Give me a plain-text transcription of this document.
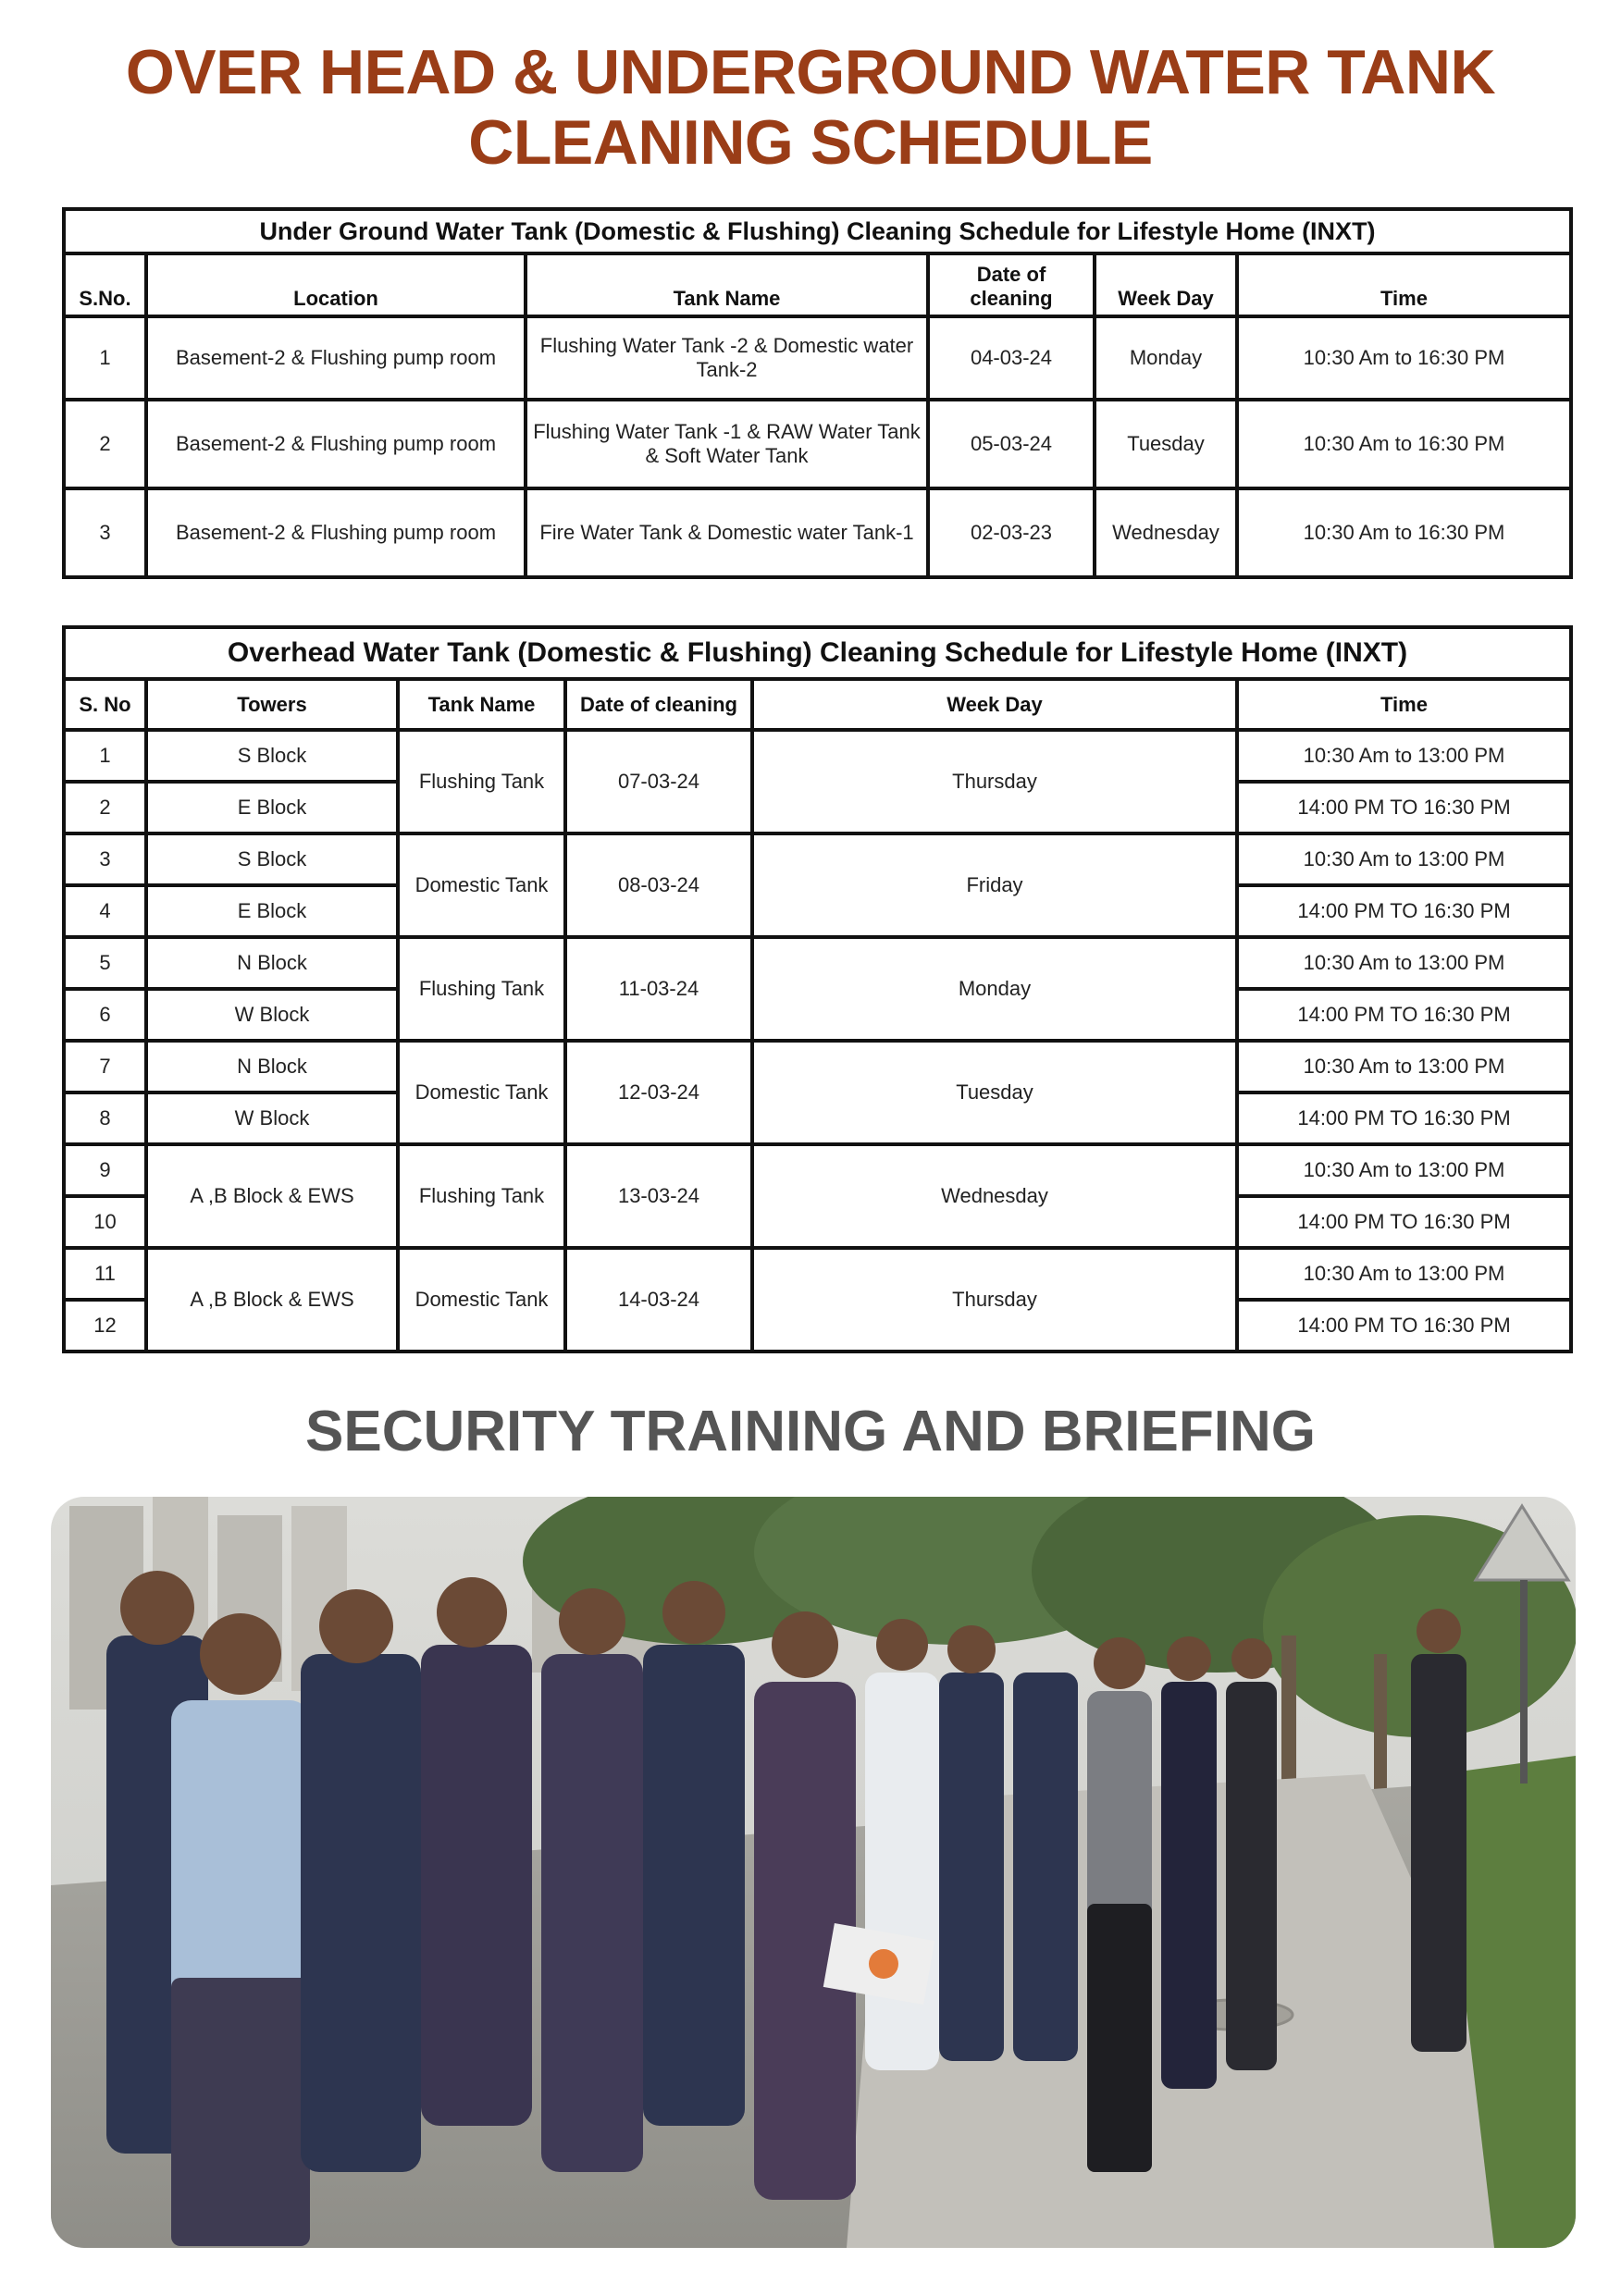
OVER HEAD & UNDERGROUND WATER TANK
CLEANING SCHEDULE
Under Ground Water Tank (Domestic & Flushing) Cleaning Schedule for Lifestyle Home (INXT)					
S.No.	Location	Tank Name	Date of cleaning	Week Day	Time
1	Basement-2 & Flushing pump room	Flushing Water Tank -2 & Domestic water Tank-2	04-03-24	Monday	10:30 Am to 16:30 PM
2	Basement-2 & Flushing pump room	Flushing Water Tank -1 & RAW Water Tank & Soft Water Tank	05-03-24	Tuesday	10:30 Am to 16:30 PM
3	Basement-2 & Flushing pump room	Fire Water Tank & Domestic water Tank-1	02-03-23	Wednesday	10:30 Am to 16:30 PM
Overhead Water Tank (Domestic & Flushing) Cleaning Schedule for Lifestyle Home (INXT)					
S. No	Towers	Tank Name	Date of cleaning	Week Day	Time
1	S Block	Flushing Tank	07-03-24	Thursday	10:30 Am to 13:00 PM
2	E Block				14:00 PM TO 16:30 PM
3	S Block	Domestic Tank	08-03-24	Friday	10:30 Am to 13:00 PM
4	E Block				14:00 PM TO 16:30 PM
5	N Block	Flushing Tank	11-03-24	Monday	10:30 Am to 13:00 PM
6	W Block				14:00 PM TO 16:30 PM
7	N Block	Domestic Tank	12-03-24	Tuesday	10:30 Am to 13:00 PM
8	W Block				14:00 PM TO 16:30 PM
9	A ,B Block & EWS	Flushing Tank	13-03-24	Wednesday	10:30 Am to 13:00 PM
10					14:00 PM TO 16:30 PM
11	A ,B Block & EWS	Domestic Tank	14-03-24	Thursday	10:30 Am to 13:00 PM
12					14:00 PM TO 16:30 PM
SECURITY TRAINING AND BRIEFING
